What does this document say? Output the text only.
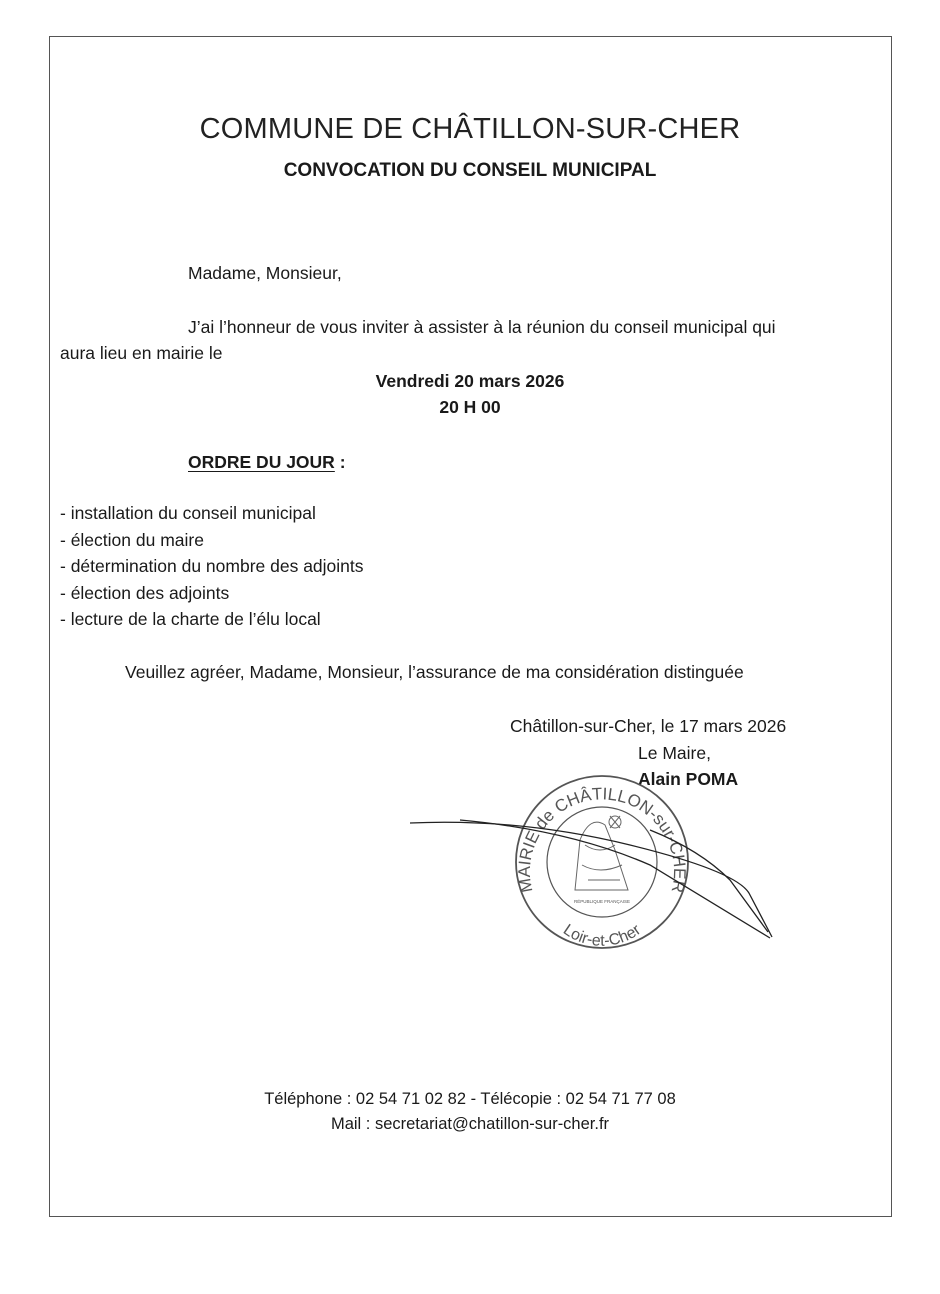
COMMUNE DE CHÂTILLON-SUR-CHER
CONVOCATION DU CONSEIL MUNICIPAL
Madame, Monsieur,
J’ai l’honneur de vous inviter à assister à la réunion du conseil municipal qui
aura lieu en mairie le
Vendredi 20 mars 2026
20 H 00
ORDRE DU JOUR :
- installation du conseil municipal
- élection du maire
- détermination du nombre des adjoints
- élection des adjoints
- lecture de la charte de l’élu local
Veuillez agréer, Madame, Monsieur, l’assurance de ma considération distinguée
Châtillon-sur-Cher, le 17 mars 2026
Le Maire,
Alain POMA
MAIRIE de CHÂTILLON-sur-CHER
Loir-et-Cher
RÉPUBLIQUE FRANÇAISE
Téléphone : 02 54 71 02 82 - Télécopie : 02 54 71 77 08
Mail : secretariat@chatillon-sur-cher.fr
